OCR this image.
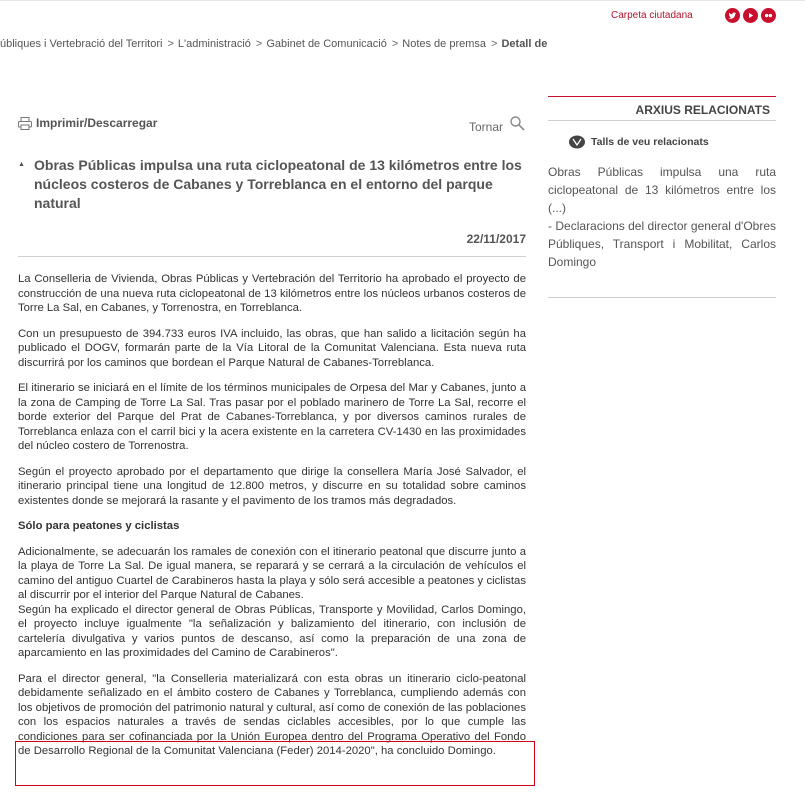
Carpeta ciutadana
úbliques i Vertebració del Territori > L'administració > Gabinet de Comunicació > Notes de premsa > Detall de
Imprimir/Descarregar	Tornar
▲ Obras Públicas impulsa una ruta ciclopeatonal de 13 kilómetros entre los núcleos costeros de Cabanes y Torreblanca en el entorno del parque natural
22/11/2017

La Conselleria de Vivienda, Obras Públicas y Vertebración del Territorio ha aprobado el proyecto de construcción de una nueva ruta ciclopeatonal de 13 kilómetros entre los núcleos urbanos costeros de Torre La Sal, en Cabanes, y Torrenostra, en Torreblanca.

Con un presupuesto de 394.733 euros IVA incluido, las obras, que han salido a licitación según ha publicado el DOGV, formarán parte de la Vía Litoral de la Comunitat Valenciana. Esta nueva ruta discurrirá por los caminos que bordean el Parque Natural de Cabanes-Torreblanca.

El itinerario se iniciará en el límite de los términos municipales de Orpesa del Mar y Cabanes, junto a la zona de Camping de Torre La Sal. Tras pasar por el poblado marinero de Torre La Sal, recorre el borde exterior del Parque del Prat de Cabanes-Torreblanca, y por diversos caminos rurales de Torreblanca enlaza con el carril bici y la acera existente en la carretera CV-1430 en las proximidades del núcleo costero de Torrenostra.

Según el proyecto aprobado por el departamento que dirige la consellera María José Salvador, el itinerario principal tiene una longitud de 12.800 metros, y discurre en su totalidad sobre caminos existentes donde se mejorará la rasante y el pavimento de los tramos más degradados.

Sólo para peatones y ciclistas

Adicionalmente, se adecuarán los ramales de conexión con el itinerario peatonal que discurre junto a la playa de Torre La Sal. De igual manera, se reparará y se cerrará a la circulación de vehículos el camino del antiguo Cuartel de Carabineros hasta la playa y sólo será accesible a peatones y ciclistas al discurrir por el interior del Parque Natural de Cabanes.

Según ha explicado el director general de Obras Públicas, Transporte y Movilidad, Carlos Domingo, el proyecto incluye igualmente "la señalización y balizamiento del itinerario, con inclusión de cartelería divulgativa y varios puntos de descanso, así como la preparación de una zona de aparcamiento en las proximidades del Camino de Carabineros".

Para el director general, "la Conselleria materializará con esta obras un itinerario ciclo-peatonal debidamente señalizado en el ámbito costero de Cabanes y Torreblanca, cumpliendo además con los objetivos de promoción del patrimonio natural y cultural, así como de conexión de las poblaciones con los espacios naturales a través de sendas ciclables accesibles, por lo que cumple las condiciones para ser cofinanciada por la Unión Europea dentro del Programa Operativo del Fondo de Desarrollo Regional de la Comunitat Valenciana (Feder) 2014-2020", ha concluido Domingo.

ARXIUS RELACIONATS
Talls de veu relacionats

Obras Públicas impulsa una ruta ciclopeatonal de 13 kilómetros entre los (...)

- Declaracions del director general d'Obres Públiques, Transport i Mobilitat, Carlos Domingo
